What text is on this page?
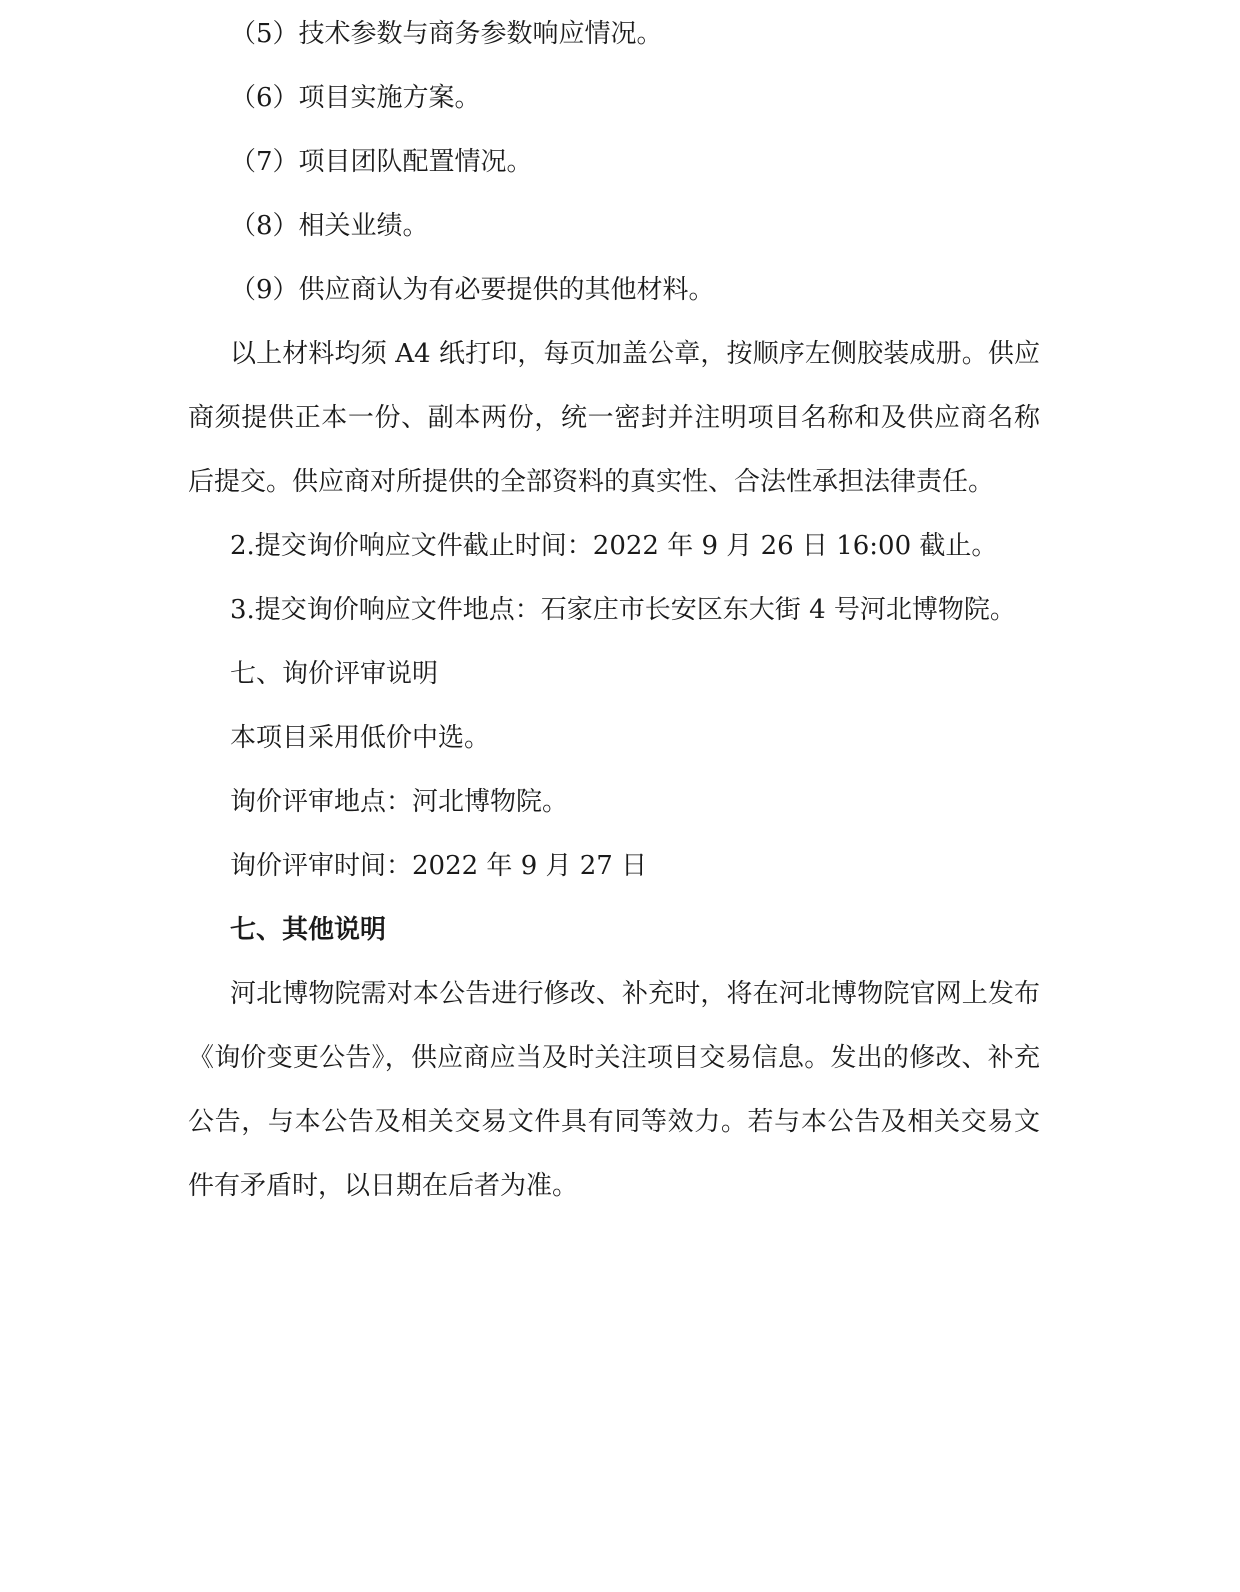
（5）技术参数与商务参数响应情况。

（6）项目实施方案。

（7）项目团队配置情况。

（8）相关业绩。

（9）供应商认为有必要提供的其他材料。

以上材料均须 A4 纸打印，每页加盖公章，按顺序左侧胶装成册。供应商须提供正本一份、副本两份，统一密封并注明项目名称和及供应商名称后提交。供应商对所提供的全部资料的真实性、合法性承担法律责任。

2.提交询价响应文件截止时间：2022 年 9 月 26 日 16:00 截止。

3.提交询价响应文件地点：石家庄市长安区东大街 4 号河北博物院。

七、询价评审说明

本项目采用低价中选。

询价评审地点：河北博物院。

询价评审时间：2022 年 9 月 27 日

七、其他说明

河北博物院需对本公告进行修改、补充时，将在河北博物院官网上发布《询价变更公告》，供应商应当及时关注项目交易信息。发出的修改、补充公告，与本公告及相关交易文件具有同等效力。若与本公告及相关交易文件有矛盾时，以日期在后者为准。
